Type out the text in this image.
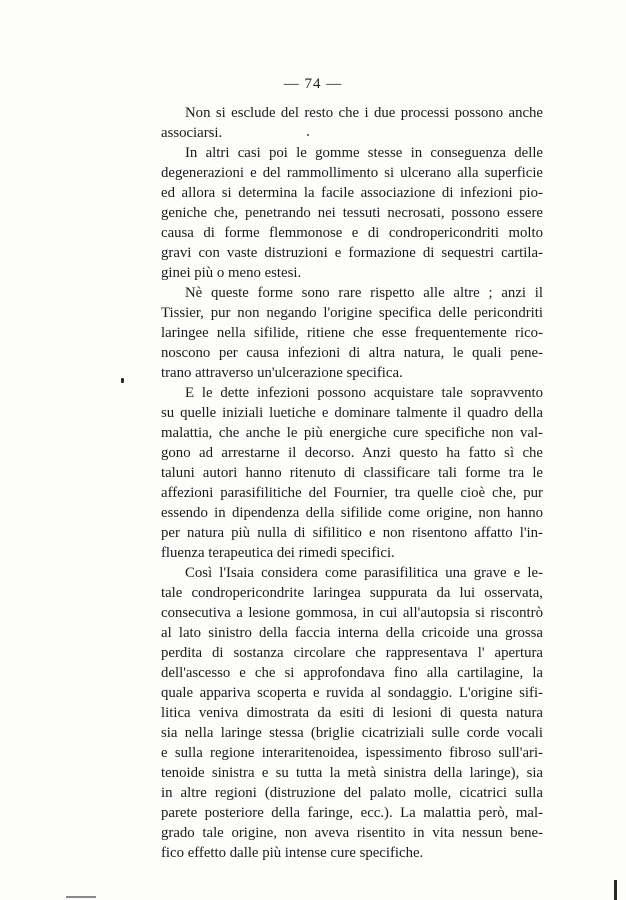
— 74 —
Non si esclude del resto che i due processi possono anche
associarsi.
In altri casi poi le gomme stesse in conseguenza delle
degenerazioni e del rammollimento si ulcerano alla superficie
ed allora si determina la facile associazione di infezioni pio-
geniche che, penetrando nei tessuti necrosati, possono essere
causa di forme flemmonose e di condropericondriti molto
gravi con vaste distruzioni e formazione di sequestri cartila-
ginei più o meno estesi.
Nè queste forme sono rare rispetto alle altre ; anzi il
Tissier, pur non negando l'origine specifica delle pericondriti
laringee nella sifilide, ritiene che esse frequentemente rico-
noscono per causa infezioni di altra natura, le quali pene-
trano attraverso un'ulcerazione specifica.
E le dette infezioni possono acquistare tale sopravvento
su quelle iniziali luetiche e dominare talmente il quadro della
malattia, che anche le più energiche cure specifiche non val-
gono ad arrestarne il decorso. Anzi questo ha fatto sì che
taluni autori hanno ritenuto di classificare tali forme tra le
affezioni parasifilitiche del Fournier, tra quelle cioè che, pur
essendo in dipendenza della sifilide come origine, non hanno
per natura più nulla di sifilitico e non risentono affatto l'in-
fluenza terapeutica dei rimedi specifici.
Così l'Isaia considera come parasifilitica una grave e le-
tale condropericondrite laringea suppurata da lui osservata,
consecutiva a lesione gommosa, in cui all'autopsia si riscontrò
al lato sinistro della faccia interna della cricoide una grossa
perdita di sostanza circolare che rappresentava l' apertura
dell'ascesso e che si approfondava fino alla cartilagine, la
quale appariva scoperta e ruvida al sondaggio. L'origine sifi-
litica veniva dimostrata da esiti di lesioni di questa natura
sia nella laringe stessa (briglie cicatriziali sulle corde vocali
e sulla regione interaritenoidea, ispessimento fibroso sull'ari-
tenoide sinistra e su tutta la metà sinistra della laringe), sia
in altre regioni (distruzione del palato molle, cicatrici sulla
parete posteriore della faringe, ecc.). La malattia però, mal-
grado tale origine, non aveva risentito in vita nessun bene-
fico effetto dalle più intense cure specifiche.
